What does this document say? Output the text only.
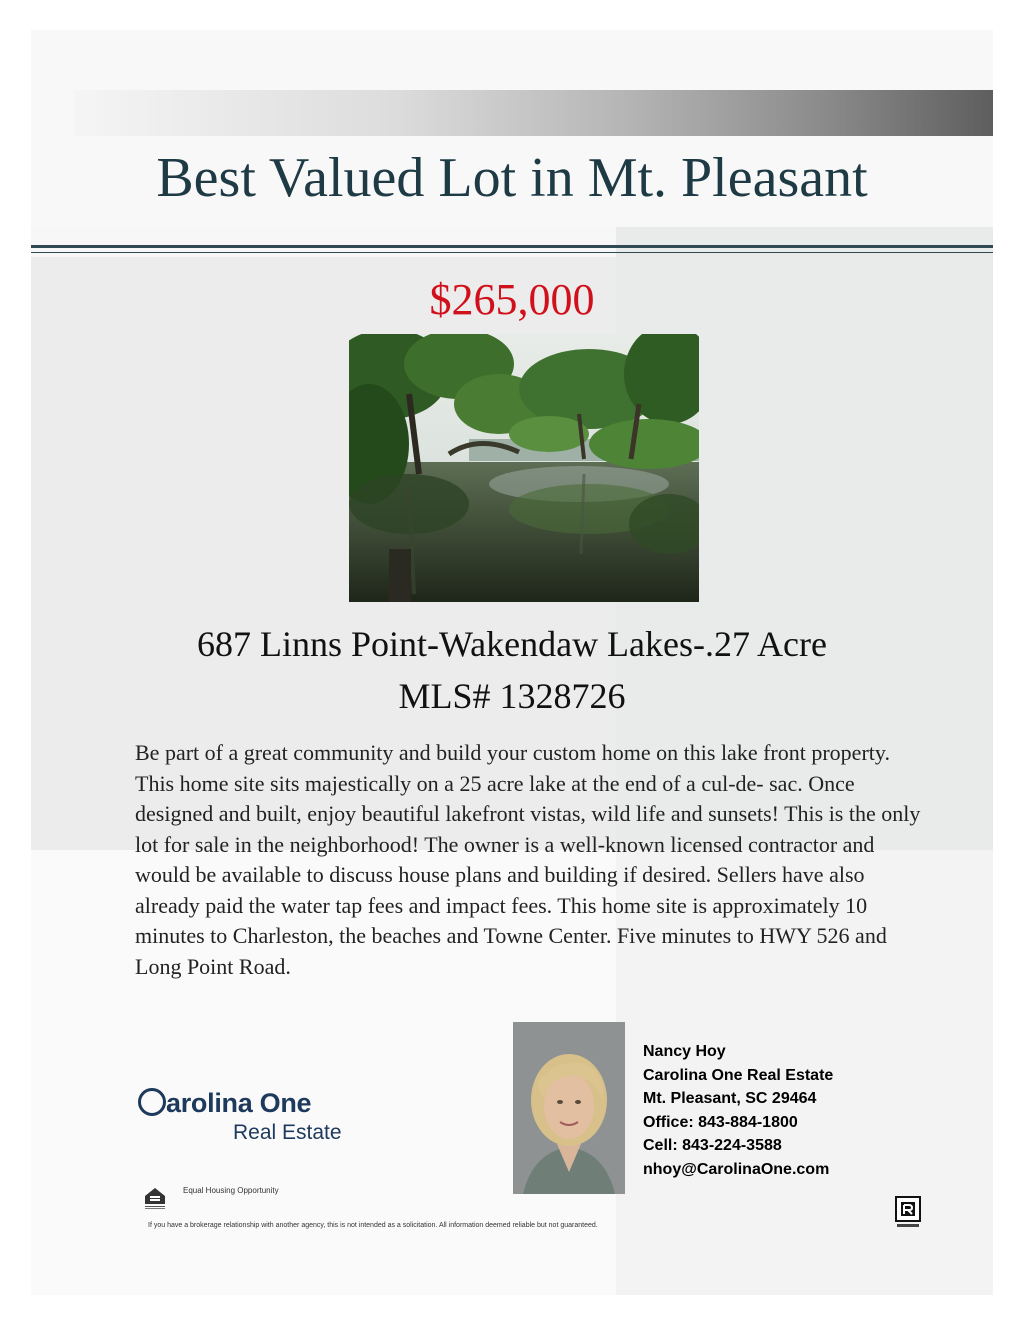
Best Valued Lot in Mt. Pleasant
$265,000
687 Linns Point-Wakendaw Lakes-.27 Acre
MLS# 1328726
Be part of a great community and build your custom home on this lake front property. This home site sits majestically on a 25 acre lake at the end of a cul-de- sac. Once designed and built, enjoy beautiful lakefront vistas, wild life and sunsets! This is the only lot for sale in the neighborhood! The owner is a well-known licensed contractor and would be available to discuss house plans and building if desired. Sellers have also already paid the water tap fees and impact fees. This home site is approximately 10 minutes to Charleston, the beaches and Towne Center. Five minutes to HWY 526 and Long Point Road.
Nancy Hoy
Carolina One Real Estate
Mt. Pleasant, SC 29464
Office: 843-884-1800
Cell: 843-224-3588
nhoy@CarolinaOne.com
arolina One
Real Estate
Equal Housing Opportunity
If you have a brokerage relationship with another agency, this is not intended as a solicitation. All information deemed reliable but not guaranteed.
